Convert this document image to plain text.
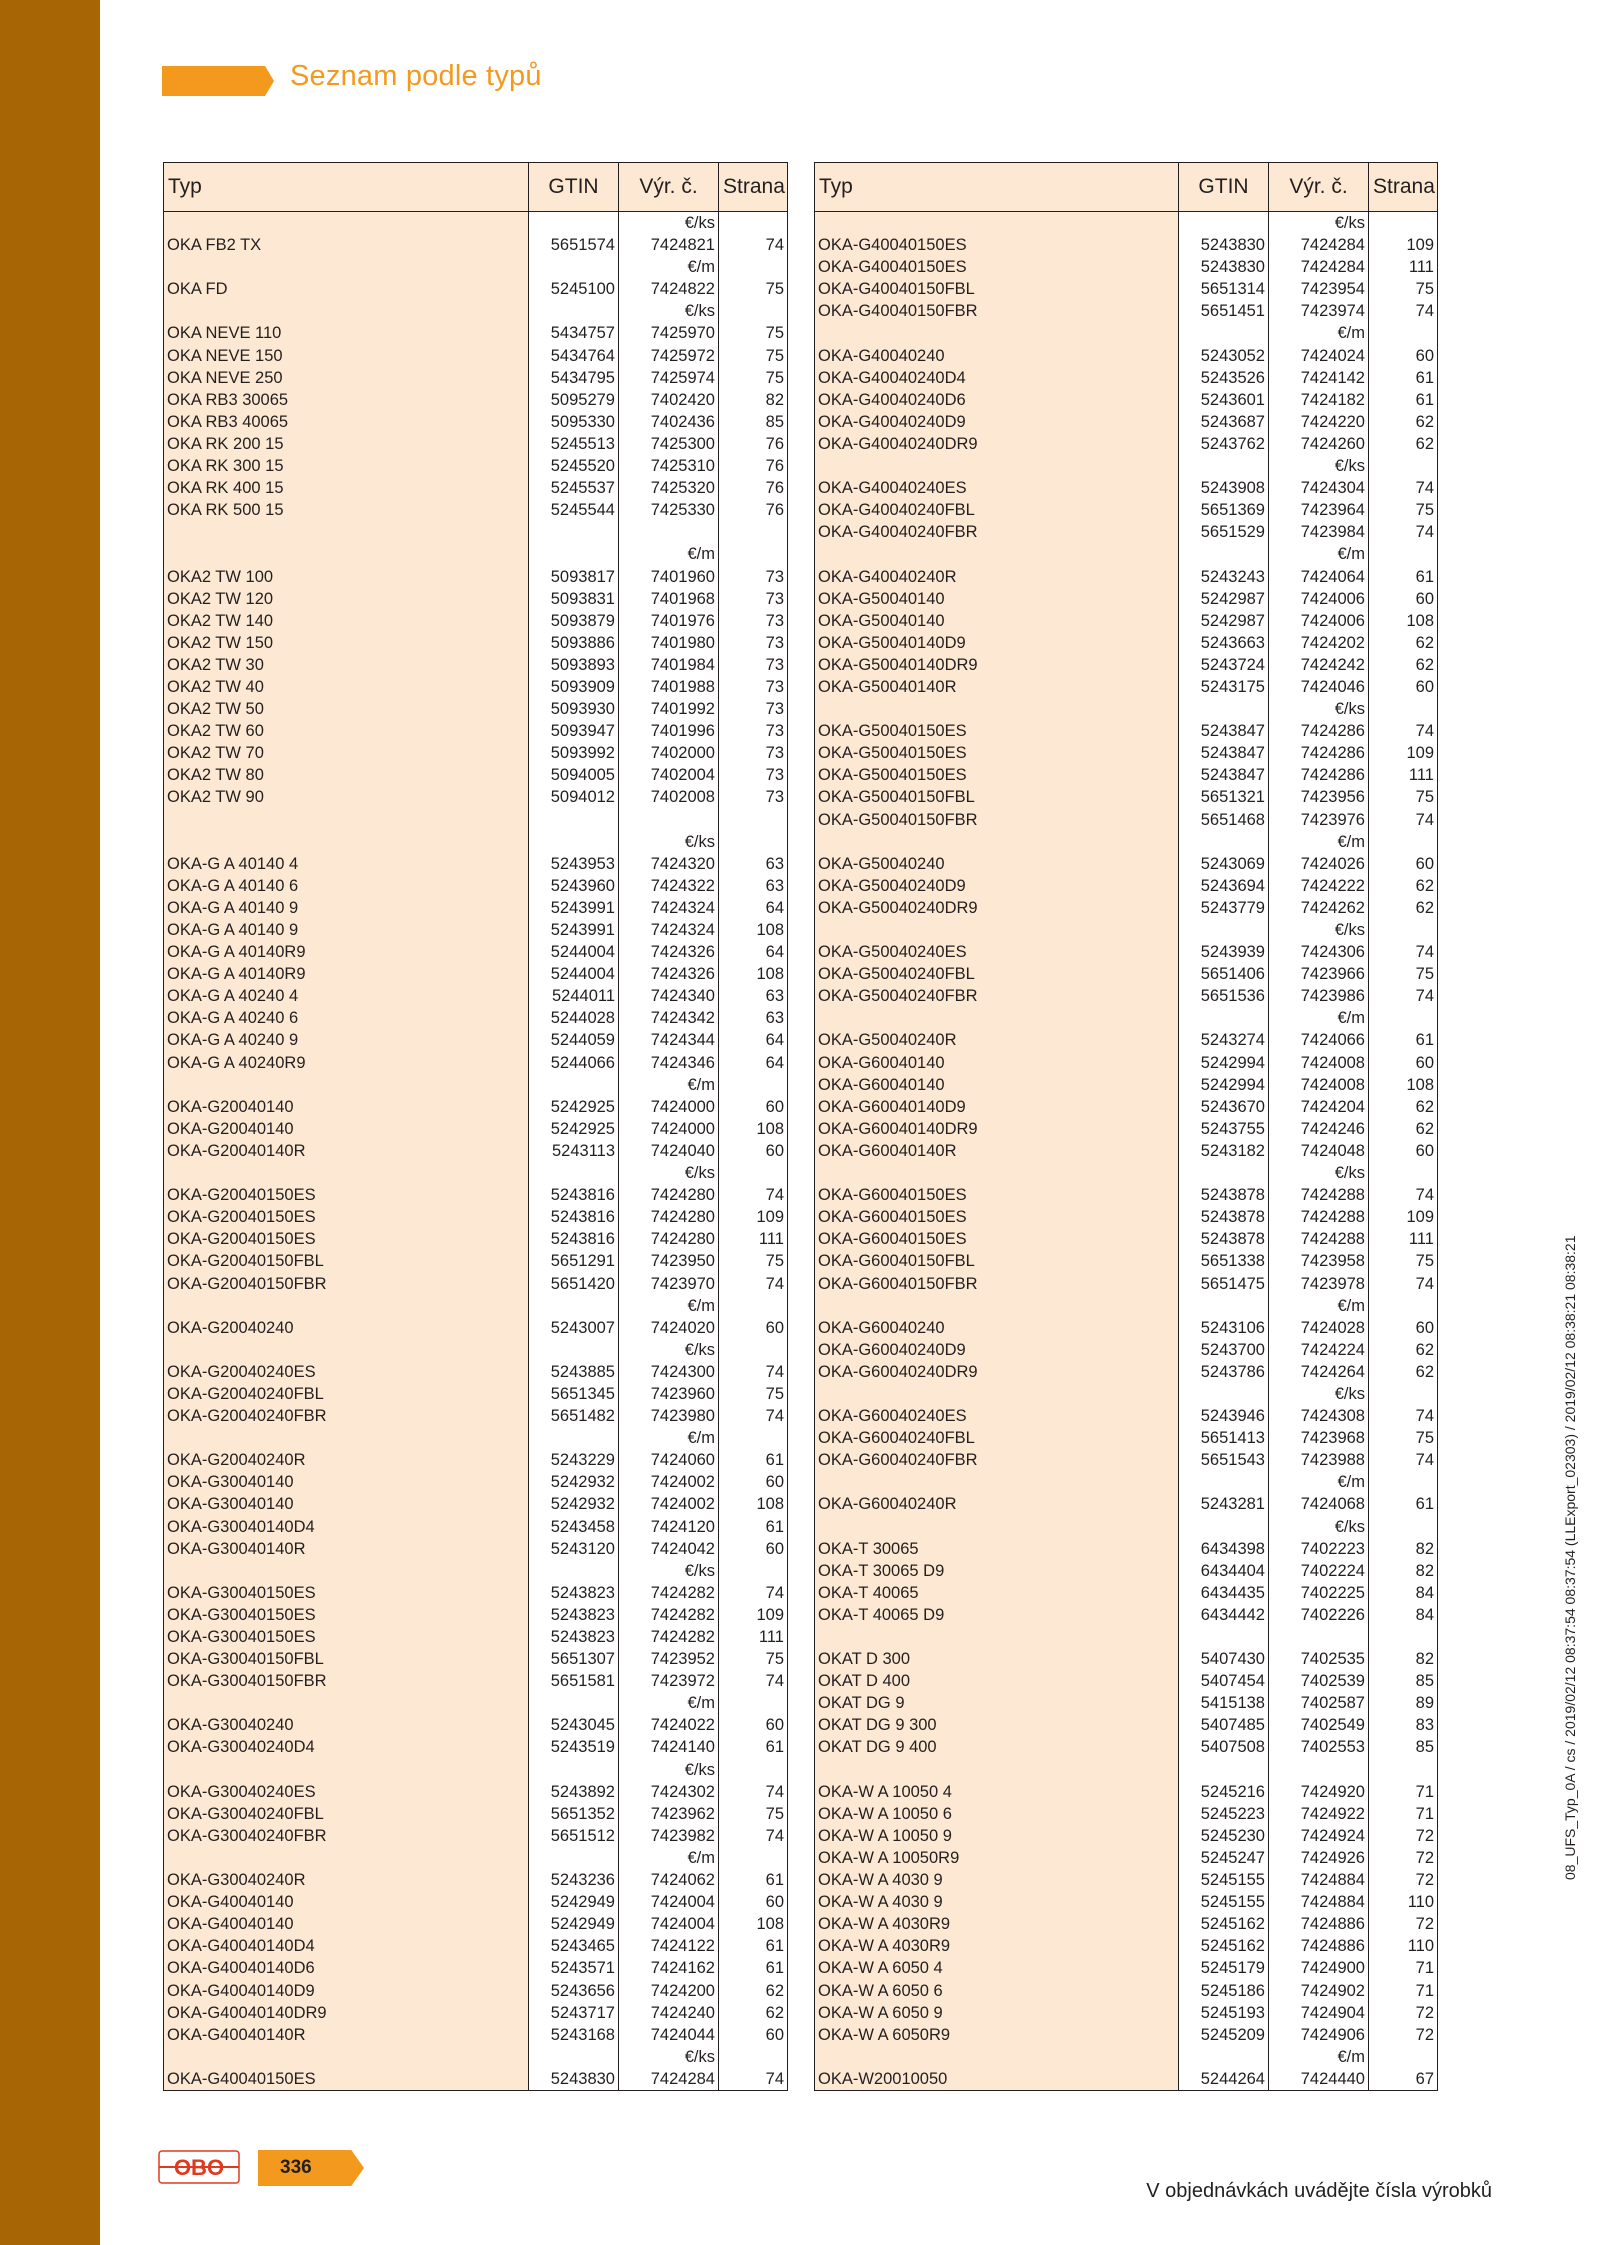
Seznam podle typů
Typ	GTIN	Výr. č.	Strana
		€/ks	
OKA FB2 TX	5651574	7424821	74
		€/m	
OKA FD	5245100	7424822	75
		€/ks	
OKA NEVE 110	5434757	7425970	75
OKA NEVE 150	5434764	7425972	75
OKA NEVE 250	5434795	7425974	75
OKA RB3 30065	5095279	7402420	82
OKA RB3 40065	5095330	7402436	85
OKA RK 200 15	5245513	7425300	76
OKA RK 300 15	5245520	7425310	76
OKA RK 400 15	5245537	7425320	76
OKA RK 500 15	5245544	7425330	76

		€/m	
OKA2 TW 100	5093817	7401960	73
OKA2 TW 120	5093831	7401968	73
OKA2 TW 140	5093879	7401976	73
OKA2 TW 150	5093886	7401980	73
OKA2 TW 30	5093893	7401984	73
OKA2 TW 40	5093909	7401988	73
OKA2 TW 50	5093930	7401992	73
OKA2 TW 60	5093947	7401996	73
OKA2 TW 70	5093992	7402000	73
OKA2 TW 80	5094005	7402004	73
OKA2 TW 90	5094012	7402008	73

		€/ks	
OKA-G A 40140 4	5243953	7424320	63
OKA-G A 40140 6	5243960	7424322	63
OKA-G A 40140 9	5243991	7424324	64
OKA-G A 40140 9	5243991	7424324	108
OKA-G A 40140R9	5244004	7424326	64
OKA-G A 40140R9	5244004	7424326	108
OKA-G A 40240 4	5244011	7424340	63
OKA-G A 40240 6	5244028	7424342	63
OKA-G A 40240 9	5244059	7424344	64
OKA-G A 40240R9	5244066	7424346	64
		€/m	
OKA-G20040140	5242925	7424000	60
OKA-G20040140	5242925	7424000	108
OKA-G20040140R	5243113	7424040	60
		€/ks	
OKA-G20040150ES	5243816	7424280	74
OKA-G20040150ES	5243816	7424280	109
OKA-G20040150ES	5243816	7424280	111
OKA-G20040150FBL	5651291	7423950	75
OKA-G20040150FBR	5651420	7423970	74
		€/m	
OKA-G20040240	5243007	7424020	60
		€/ks	
OKA-G20040240ES	5243885	7424300	74
OKA-G20040240FBL	5651345	7423960	75
OKA-G20040240FBR	5651482	7423980	74
		€/m	
OKA-G20040240R	5243229	7424060	61
OKA-G30040140	5242932	7424002	60
OKA-G30040140	5242932	7424002	108
OKA-G30040140D4	5243458	7424120	61
OKA-G30040140R	5243120	7424042	60
		€/ks	
OKA-G30040150ES	5243823	7424282	74
OKA-G30040150ES	5243823	7424282	109
OKA-G30040150ES	5243823	7424282	111
OKA-G30040150FBL	5651307	7423952	75
OKA-G30040150FBR	5651581	7423972	74
		€/m	
OKA-G30040240	5243045	7424022	60
OKA-G30040240D4	5243519	7424140	61
		€/ks	
OKA-G30040240ES	5243892	7424302	74
OKA-G30040240FBL	5651352	7423962	75
OKA-G30040240FBR	5651512	7423982	74
		€/m	
OKA-G30040240R	5243236	7424062	61
OKA-G40040140	5242949	7424004	60
OKA-G40040140	5242949	7424004	108
OKA-G40040140D4	5243465	7424122	61
OKA-G40040140D6	5243571	7424162	61
OKA-G40040140D9	5243656	7424200	62
OKA-G40040140DR9	5243717	7424240	62
OKA-G40040140R	5243168	7424044	60
		€/ks	
OKA-G40040150ES	5243830	7424284	74
Typ	GTIN	Výr. č.	Strana
		€/ks	
OKA-G40040150ES	5243830	7424284	109
OKA-G40040150ES	5243830	7424284	111
OKA-G40040150FBL	5651314	7423954	75
OKA-G40040150FBR	5651451	7423974	74
		€/m	
OKA-G40040240	5243052	7424024	60
OKA-G40040240D4	5243526	7424142	61
OKA-G40040240D6	5243601	7424182	61
OKA-G40040240D9	5243687	7424220	62
OKA-G40040240DR9	5243762	7424260	62
		€/ks	
OKA-G40040240ES	5243908	7424304	74
OKA-G40040240FBL	5651369	7423964	75
OKA-G40040240FBR	5651529	7423984	74
		€/m	
OKA-G40040240R	5243243	7424064	61
OKA-G50040140	5242987	7424006	60
OKA-G50040140	5242987	7424006	108
OKA-G50040140D9	5243663	7424202	62
OKA-G50040140DR9	5243724	7424242	62
OKA-G50040140R	5243175	7424046	60
		€/ks	
OKA-G50040150ES	5243847	7424286	74
OKA-G50040150ES	5243847	7424286	109
OKA-G50040150ES	5243847	7424286	111
OKA-G50040150FBL	5651321	7423956	75
OKA-G50040150FBR	5651468	7423976	74
		€/m	
OKA-G50040240	5243069	7424026	60
OKA-G50040240D9	5243694	7424222	62
OKA-G50040240DR9	5243779	7424262	62
		€/ks	
OKA-G50040240ES	5243939	7424306	74
OKA-G50040240FBL	5651406	7423966	75
OKA-G50040240FBR	5651536	7423986	74
		€/m	
OKA-G50040240R	5243274	7424066	61
OKA-G60040140	5242994	7424008	60
OKA-G60040140	5242994	7424008	108
OKA-G60040140D9	5243670	7424204	62
OKA-G60040140DR9	5243755	7424246	62
OKA-G60040140R	5243182	7424048	60
		€/ks	
OKA-G60040150ES	5243878	7424288	74
OKA-G60040150ES	5243878	7424288	109
OKA-G60040150ES	5243878	7424288	111
OKA-G60040150FBL	5651338	7423958	75
OKA-G60040150FBR	5651475	7423978	74
		€/m	
OKA-G60040240	5243106	7424028	60
OKA-G60040240D9	5243700	7424224	62
OKA-G60040240DR9	5243786	7424264	62
		€/ks	
OKA-G60040240ES	5243946	7424308	74
OKA-G60040240FBL	5651413	7423968	75
OKA-G60040240FBR	5651543	7423988	74
		€/m	
OKA-G60040240R	5243281	7424068	61
		€/ks	
OKA-T 30065	6434398	7402223	82
OKA-T 30065 D9	6434404	7402224	82
OKA-T 40065	6434435	7402225	84
OKA-T 40065 D9	6434442	7402226	84

OKAT D 300	5407430	7402535	82
OKAT D 400	5407454	7402539	85
OKAT DG 9	5415138	7402587	89
OKAT DG 9 300	5407485	7402549	83
OKAT DG 9 400	5407508	7402553	85

OKA-W A 10050 4	5245216	7424920	71
OKA-W A 10050 6	5245223	7424922	71
OKA-W A 10050 9	5245230	7424924	72
OKA-W A 10050R9	5245247	7424926	72
OKA-W A 4030 9	5245155	7424884	72
OKA-W A 4030 9	5245155	7424884	110
OKA-W A 4030R9	5245162	7424886	72
OKA-W A 4030R9	5245162	7424886	110
OKA-W A 6050 4	5245179	7424900	71
OKA-W A 6050 6	5245186	7424902	71
OKA-W A 6050 9	5245193	7424904	72
OKA-W A 6050R9	5245209	7424906	72
		€/m	
OKA-W20010050	5244264	7424440	67
OBO	336
V objednávkách uvádějte čísla výrobků
08_UFS_Typ_0A / cs / 2019/02/12 08:37:54 08:37:54 (LLExport_02303) / 2019/02/12 08:38:21 08:38:21
